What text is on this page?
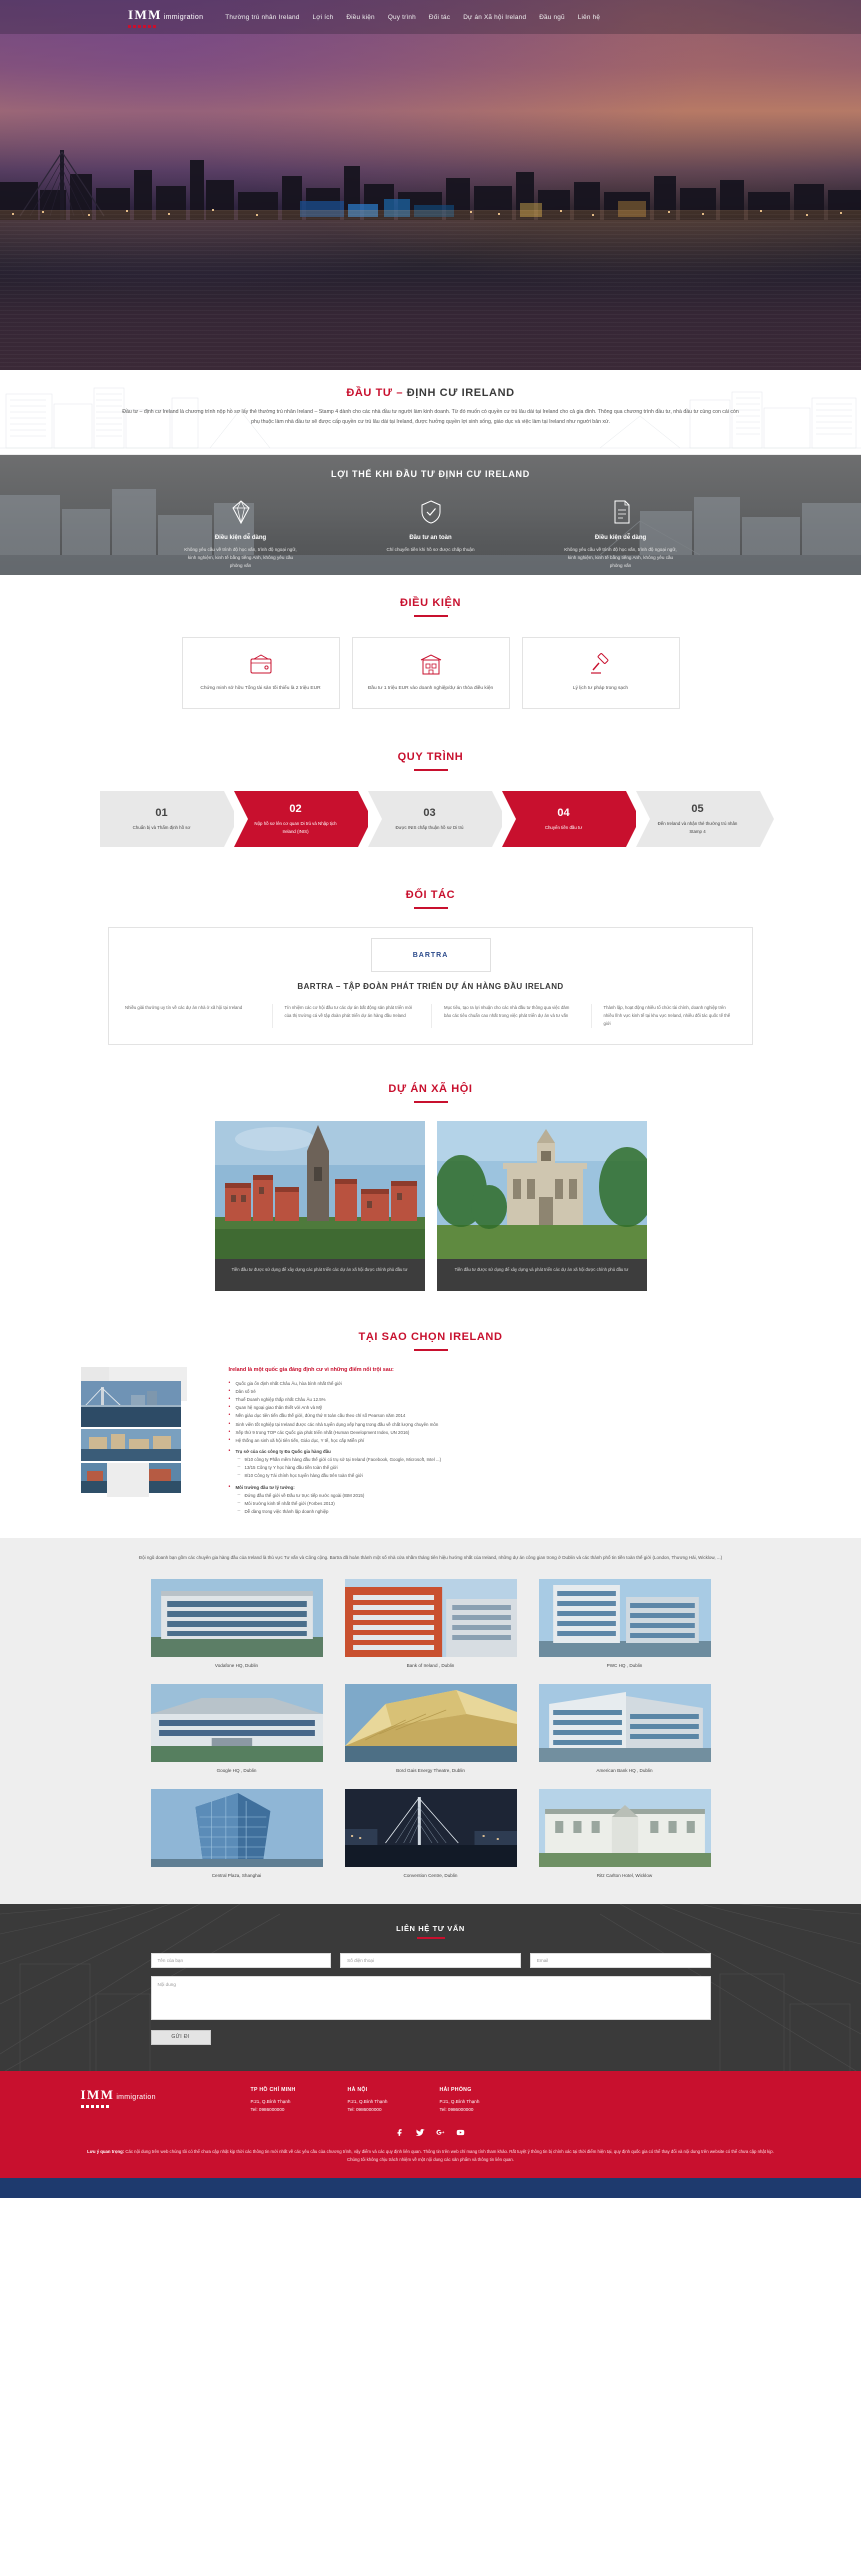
IMM immigration	Thường trú nhân Ireland Lợi ích Điều kiện Quy trình Đối tác Dự án Xã hội Ireland Đầu ngũ Liên hệ
ĐẦU TƯ – ĐỊNH CƯ IRELAND

Đầu tư – định cư Ireland là chương trình nộp hồ sơ lấy thẻ thường trú nhân Ireland – Stamp 4 dành cho các nhà đầu tư người làm kinh doanh. Từ đó muốn có quyền cư trú lâu dài tại Ireland cho cả gia đình. Thông qua chương trình đầu tư, nhà đầu tư cùng con cái còn phụ thuộc làm nhà đầu tư sẽ được cấp quyền cư trú lâu dài tại Ireland, được hưởng quyền lợi sinh sống, giáo dục và việc làm tại Ireland như người bản xứ.

LỢI THẾ KHI ĐẦU TƯ ĐỊNH CƯ IRELAND
Điều kiện dễ dàng
Không yêu cầu về trình độ học vấn, trình độ ngoại ngữ, kinh nghiệm, kinh tế bằng tiếng Anh, không yêu cầu phỏng vấn
Đầu tư an toàn
Chỉ chuyển tiền khi hồ sơ được chấp thuận
Điều kiện dễ dàng
Không yêu cầu về trình độ học vấn, trình độ ngoại ngữ, kinh nghiệm, kinh tế bằng tiếng Anh, không yêu cầu phỏng vấn
ĐIỀU KIỆN
Chứng minh sở hữu Tổng tài sản tối thiểu là 2 triệu EUR	Đầu tư 1 triệu EUR vào doanh nghiệp/dự án thỏa điều kiện	Lý lịch tư pháp trong sạch
QUY TRÌNH
01
Chuẩn bị và Thẩm định hồ sơ
02
Nộp hồ sơ lên cơ quan Di trú và Nhập tịch Ireland (INIS)
03
Được INIS chấp thuận hồ sơ Di trú
04
Chuyển tiền đầu tư
05
Đến Ireland và nhận thẻ thường trú nhân Stamp 4
ĐỐI TÁC
BARTRA
BARTRA – TẬP ĐOÀN PHÁT TRIỂN DỰ ÁN HÀNG ĐẦU IRELAND
Nhiều giải thưởng uy tín về các dự án nhà ở xã hội tại Ireland	Tín nhiệm các cơ hội đầu tư các dự án bất động sản phát triển mới của thị trường cá về tập đoàn phát triển dự án hàng đầu Ireland
Mục tiêu, tạo ra lợi nhuận cho các nhà đầu tư thông qua việc đảm bảo các tiêu chuẩn cao nhất trong việc phát triển dự án và tư vấn
Thành lập, hoạt động nhiều tổ chức tài chính, doanh nghiệp trên nhiều lĩnh vực kinh tế tại khu vực Ireland, nhiều đối tác quốc tế thế giới
DỰ ÁN XÃ HỘI
Tiền đầu tư được sử dụng để xây dựng các phát triển các dự án xã hội được chính phủ đầu tư	Tiền đầu tư được sử dụng để xây dựng và phát triển các dự án xã hội được chính phủ đầu tư
TẠI SAO CHỌN IRELAND
Ireland là một quốc gia đáng định cư vì những điểm nổi trội sau:
• Quốc gia ổn định nhất Châu Âu, hòa bình nhất thế giới
• Dân số trẻ
• Thuế Doanh nghiệp thấp nhất Châu Âu 12.5%
• Quan hệ ngoại giao thân thiết với Anh và Mỹ
• Nền giáo dục tiên tiến đầu thế giới, đứng thứ 8 toàn cầu theo chỉ số Pearson năm 2014
• Sinh viên tốt nghiệp tại Ireland được các nhà tuyển dụng xếp hạng trong đầu về chất lượng chuyên môn
• Xếp thứ 9 trong TOP các Quốc gia phát triển nhất (Human Development Index, UN 2016)
• Hệ thống an sinh xã hội tiên tiến, Giáo dục, Y tế, học cấp Miễn phí
• Trụ sở của các công ty Đa Quốc gia hàng đầu
– 9/10 công ty Phần mềm hàng đầu thế giới có trụ sở tại Ireland (Facebook, Google, Microsoft, Intel ...)
– 13/15 Công ty Y học hàng đầu tiền toàn thế giới
– 8/10 Công ty Tài chính học tuyển hàng đầu trên toàn thế giới
• Môi trường đầu tư lý tưởng:
– Đứng đầu thế giới về Đầu tư trực tiếp nước ngoài (IBM 2015)
– Môi trường kinh tế nhất thế giới (Forbes 2013)
– Dễ dàng trong việc thành lập doanh nghiệp

Đội ngũ doanh bạn gồm các chuyên gia hàng đầu của Ireland là thủ vực Tư vấn và Công cộng. Bartra đã hoàn thành một số nhà cửa nhằm tháng tiên hiệu hướng nhất của Ireland, những dự án công gian trong ở Dublin và các thành phố tin tiền toàn thế giới (London, Thương Hải, Wicklow, ...)

Vodafone HQ, Dublin	Bank of Ireland , Dublin	PWC HQ , Dublin
Google HQ , Dublin	Bord Gais Energy Theatre, Dublin	American Bank HQ , Dublin
Central Plaza, Shanghai	Convention Centre, Dublin	Ritz Carlton Hotel, Wicklow
LIÊN HỆ TƯ VẤN
Tên của bạn	Số điện thoại	Email
Nội dung
GỬI ĐI
IMM immigration
TP HỒ CHÍ MINH
P.21, Q.Bình Thạnh
Tel: 0986000000
HÀ NỘI
P.21, Q.Bình Thạnh
Tel: 0986000000
HẢI PHÒNG
P.21, Q.Bình Thạnh
Tel: 0986000000

Lưu ý quan trọng: Các nội dung trên web chúng tôi có thể chưa cập nhật kịp thời các thông tin mới nhất về các yêu cầu của chương trình, vậy điểm và các quy định liên quan. Thông tin trên web chỉ mang tính tham khảo. Rất tuyệt ý thông tin bị chính xác tại thời điểm hiện tại, quy định quốc gia có thể thay đổi và nội dung trên website có thể chưa cập nhật kịp. Chúng tôi không chịu trách nhiệm về một nội dung các sản phẩm và thông tin liên quan.
